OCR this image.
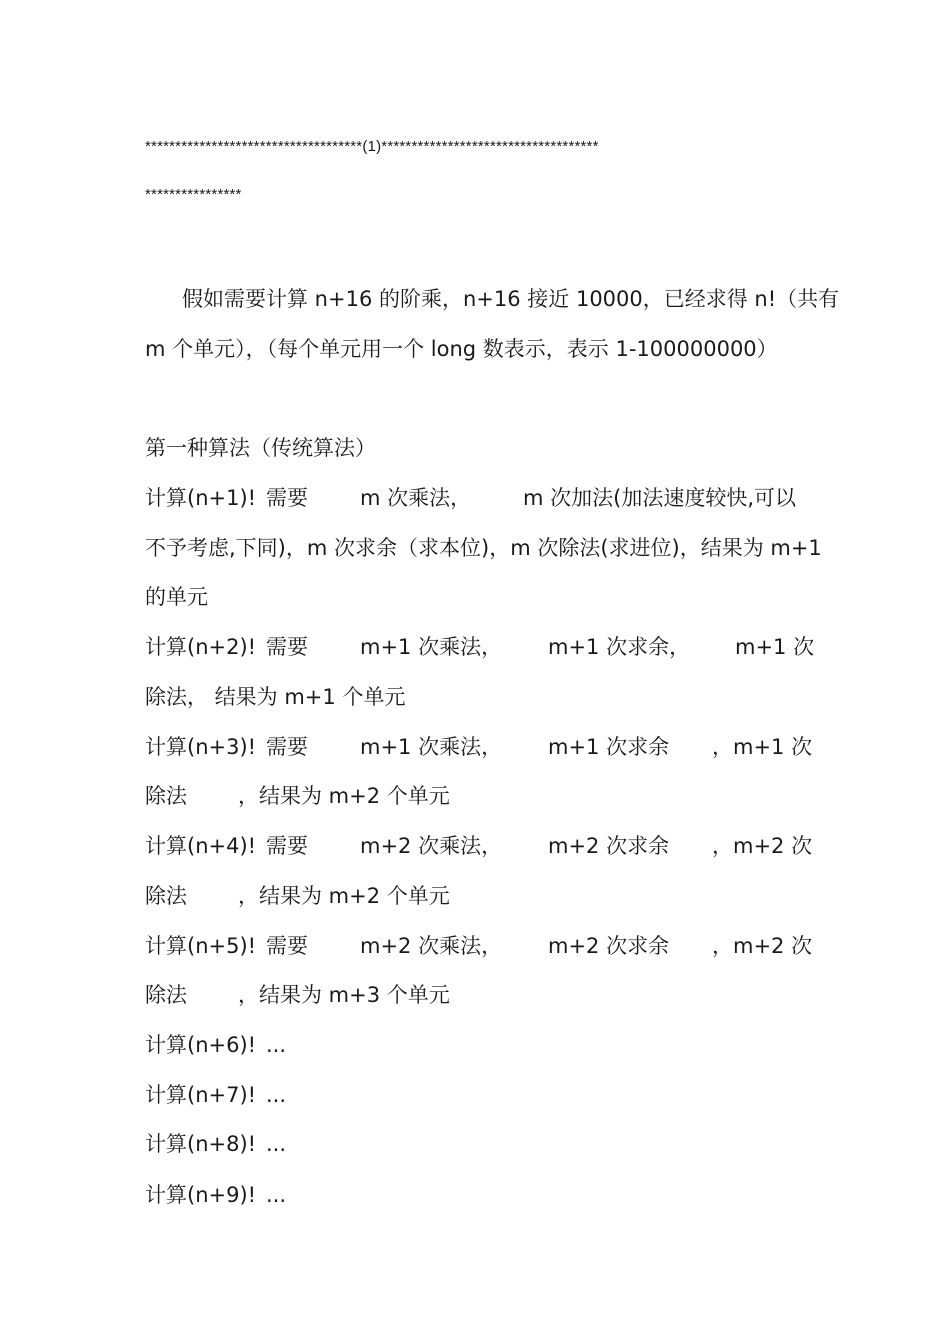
************************************(1)************************************
****************
假如需要计算 n+16 的阶乘，n+16 接近 10000，已经求得 n!（共有
m 个单元），（每个单元用一个 long 数表示，表示 1-100000000）
第一种算法（传统算法）
计算(n+1)! 需要 m 次乘法， m 次加法(加法速度较快,可以
不予考虑,下同)，m 次求余（求本位)，m 次除法(求进位)，结果为 m+1
的单元
计算(n+2)! 需要 m+1 次乘法， m+1 次求余， m+1 次
除法， 结果为 m+1 个单元
计算(n+3)! 需要 m+1 次乘法， m+1 次求余 ，m+1 次
除法 ，结果为 m+2 个单元
计算(n+4)! 需要 m+2 次乘法， m+2 次求余 ，m+2 次
除法 ，结果为 m+2 个单元
计算(n+5)! 需要 m+2 次乘法， m+2 次求余 ，m+2 次
除法 ，结果为 m+3 个单元
计算(n+6)! ...
计算(n+7)! ...
计算(n+8)! ...
计算(n+9)! ...
